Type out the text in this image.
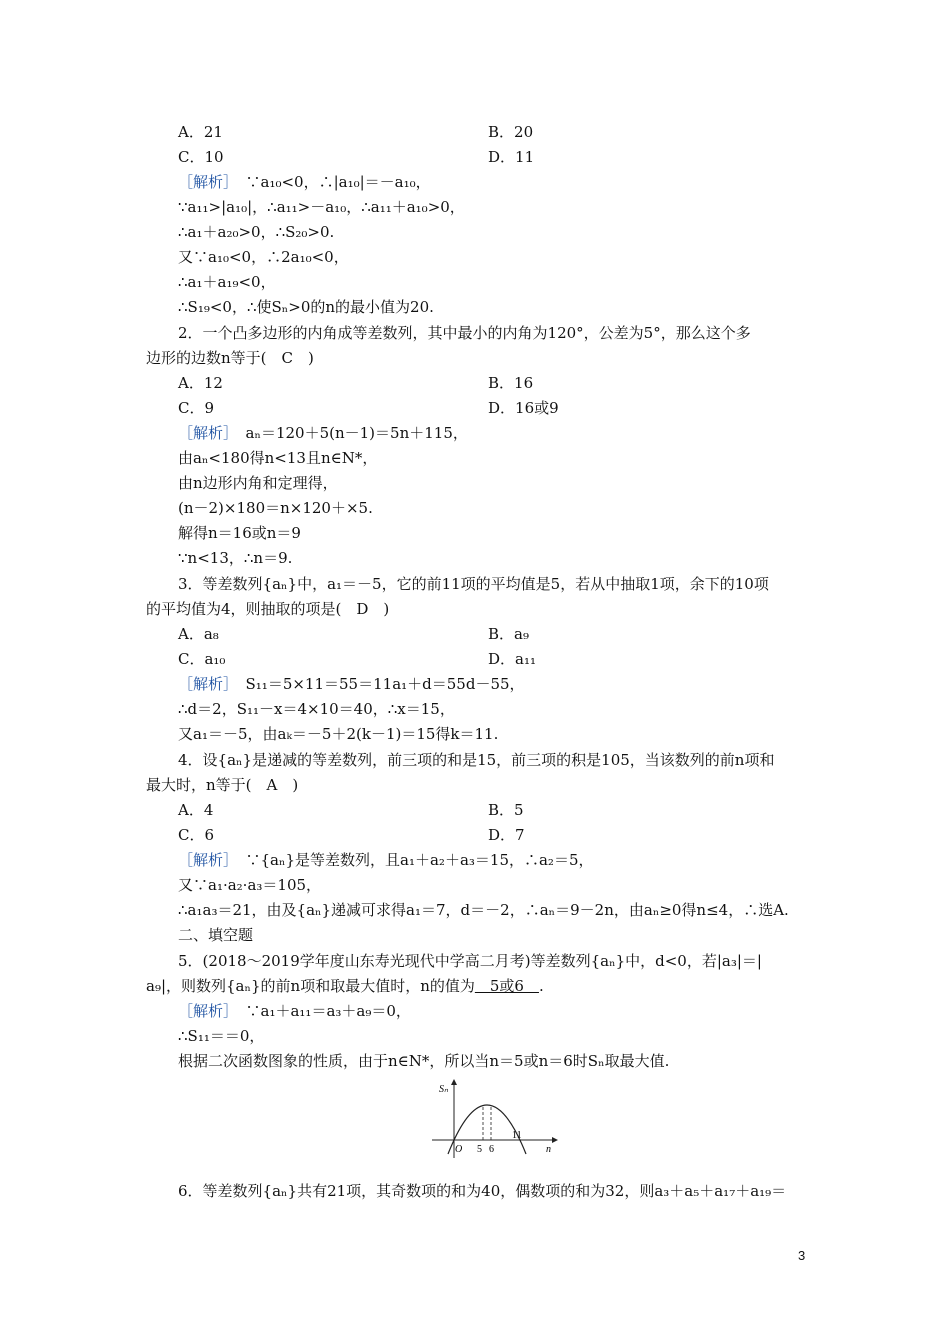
A．21	B．20
C．10	D．11
［解析］　∵a₁₀<0，∴|a₁₀|＝－a₁₀，
∵a₁₁>|a₁₀|，∴a₁₁>－a₁₀，∴a₁₁＋a₁₀>0，
∴a₁＋a₂₀>0，∴S₂₀>0.
又∵a₁₀<0，∴2a₁₀<0，
∴a₁＋a₁₉<0，
∴S₁₉<0，∴使Sₙ>0的n的最小值为20.
2．一个凸多边形的内角成等差数列，其中最小的内角为120°，公差为5°，那么这个多
边形的边数n等于(　C　)
A．12	B．16
C．9	D．16或9
［解析］　aₙ＝120＋5(n－1)＝5n＋115，
由aₙ<180得n<13且n∈N*，
由n边形内角和定理得，
(n－2)×180＝n×120＋×5.
解得n＝16或n＝9
∵n<13，∴n＝9.
3．等差数列{aₙ}中，a₁＝－5，它的前11项的平均值是5，若从中抽取1项，余下的10项
的平均值为4，则抽取的项是(　D　)
A．a₈	B．a₉
C．a₁₀	D．a₁₁
［解析］　S₁₁＝5×11＝55＝11a₁＋d＝55d－55，
∴d＝2，S₁₁－x＝4×10＝40，∴x＝15，
又a₁＝－5，由aₖ＝－5＋2(k－1)＝15得k＝11.
4．设{aₙ}是递减的等差数列，前三项的和是15，前三项的积是105，当该数列的前n项和
最大时，n等于(　A　)
A．4	B．5
C．6	D．7
［解析］　∵{aₙ}是等差数列，且a₁＋a₂＋a₃＝15，∴a₂＝5，
又∵a₁·a₂·a₃＝105，
∴a₁a₃＝21，由及{aₙ}递减可求得a₁＝7，d＝－2，∴aₙ＝9－2n，由aₙ≥0得n≤4，∴选A.
二、填空题
5．(2018～2019学年度山东寿光现代中学高二月考)等差数列{aₙ}中，d<0，若|a₃|＝|
a₉|，则数列{aₙ}的前n项和取最大值时，n的值为　5或6　.
［解析］　∵a₁＋a₁₁＝a₃＋a₉＝0，
∴S₁₁＝＝0，
根据二次函数图象的性质，由于n∈N*，所以当n＝5或n＝6时Sₙ取最大值.
6．等差数列{aₙ}共有21项，其奇数项的和为40，偶数项的和为32，则a₃＋a₅＋a₁₇＋a₁₉＝
Sₙ
n
O 5 6
11
3
